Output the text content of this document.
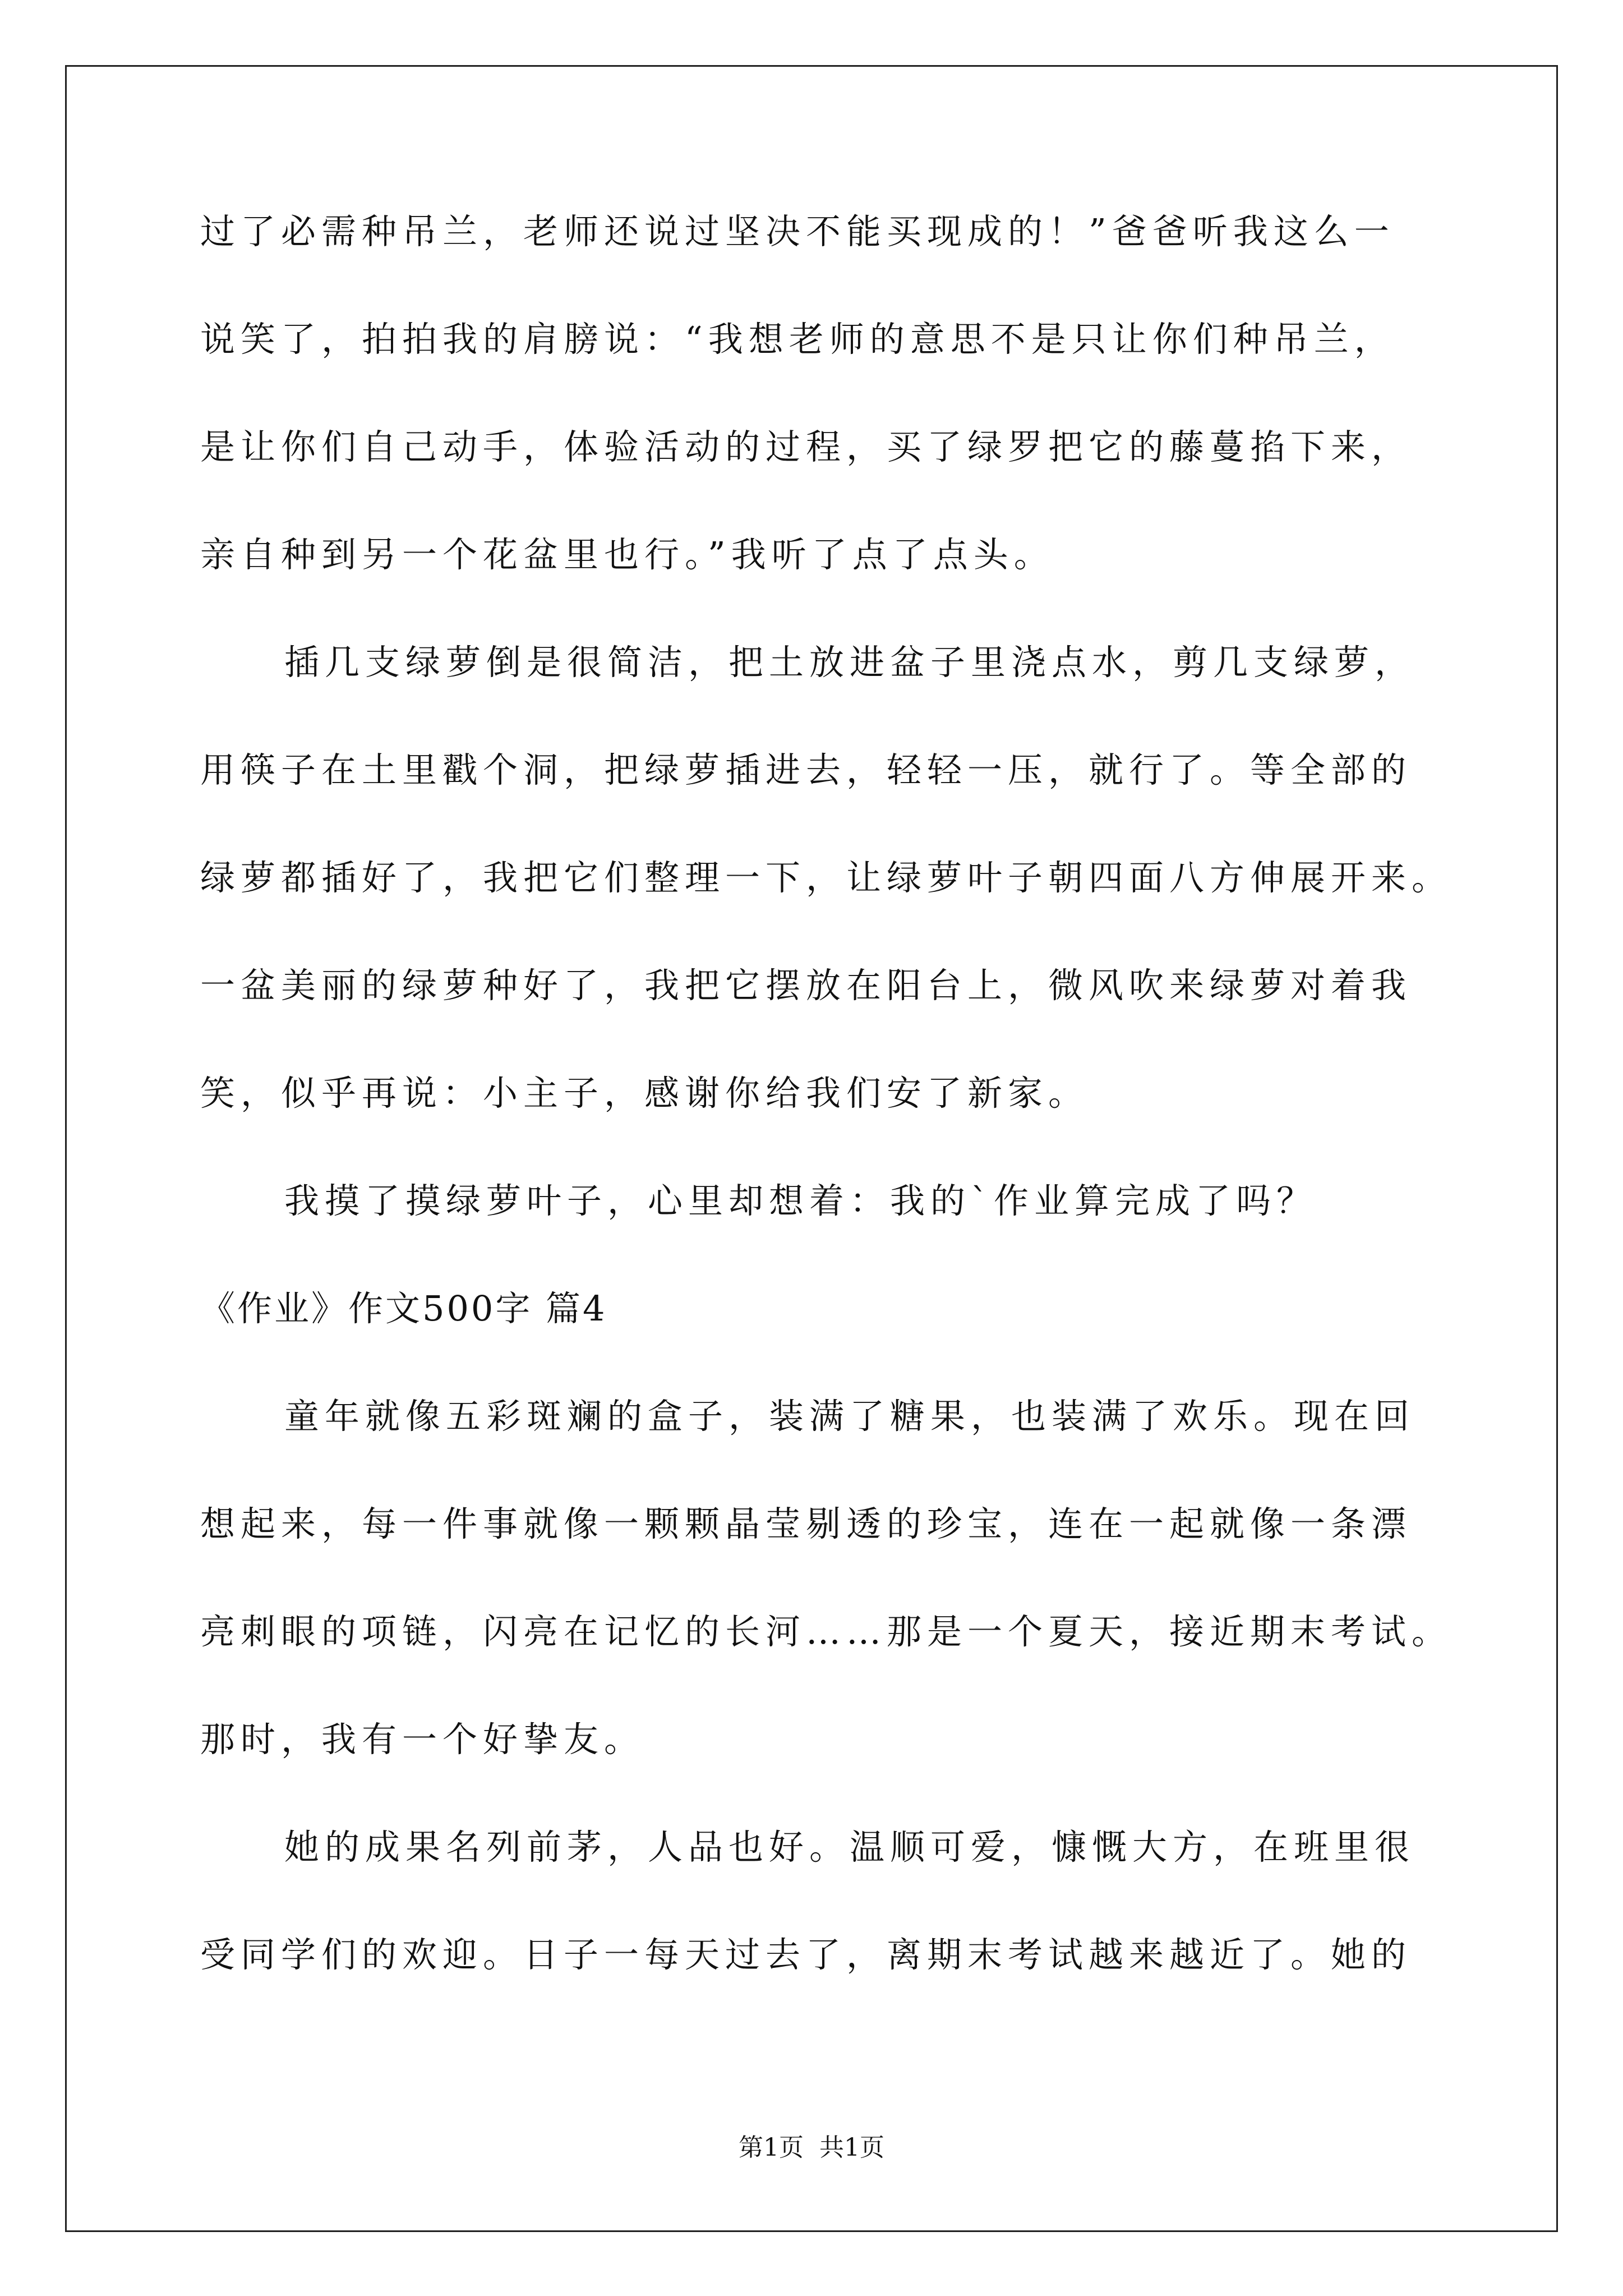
过了必需种吊兰，老师还说过坚决不能买现成的！”爸爸听我这么一
说笑了，拍拍我的肩膀说：“我想老师的意思不是只让你们种吊兰，
是让你们自己动手，体验活动的过程，买了绿罗把它的藤蔓掐下来，
亲自种到另一个花盆里也行。”我听了点了点头。
插几支绿萝倒是很简洁，把土放进盆子里浇点水，剪几支绿萝，
用筷子在土里戳个洞，把绿萝插进去，轻轻一压，就行了。等全部的
绿萝都插好了，我把它们整理一下，让绿萝叶子朝四面八方伸展开来。
一盆美丽的绿萝种好了，我把它摆放在阳台上，微风吹来绿萝对着我
笑，似乎再说：小主子，感谢你给我们安了新家。
我摸了摸绿萝叶子，心里却想着：我的`作业算完成了吗？
《作业》作文500字 篇4
童年就像五彩斑斓的盒子，装满了糖果，也装满了欢乐。现在回
想起来，每一件事就像一颗颗晶莹剔透的珍宝，连在一起就像一条漂
亮刺眼的项链，闪亮在记忆的长河……那是一个夏天，接近期末考试。
那时，我有一个好挚友。
她的成果名列前茅，人品也好。温顺可爱，慷慨大方，在班里很
受同学们的欢迎。日子一每天过去了，离期末考试越来越近了。她的
第1页  共1页
